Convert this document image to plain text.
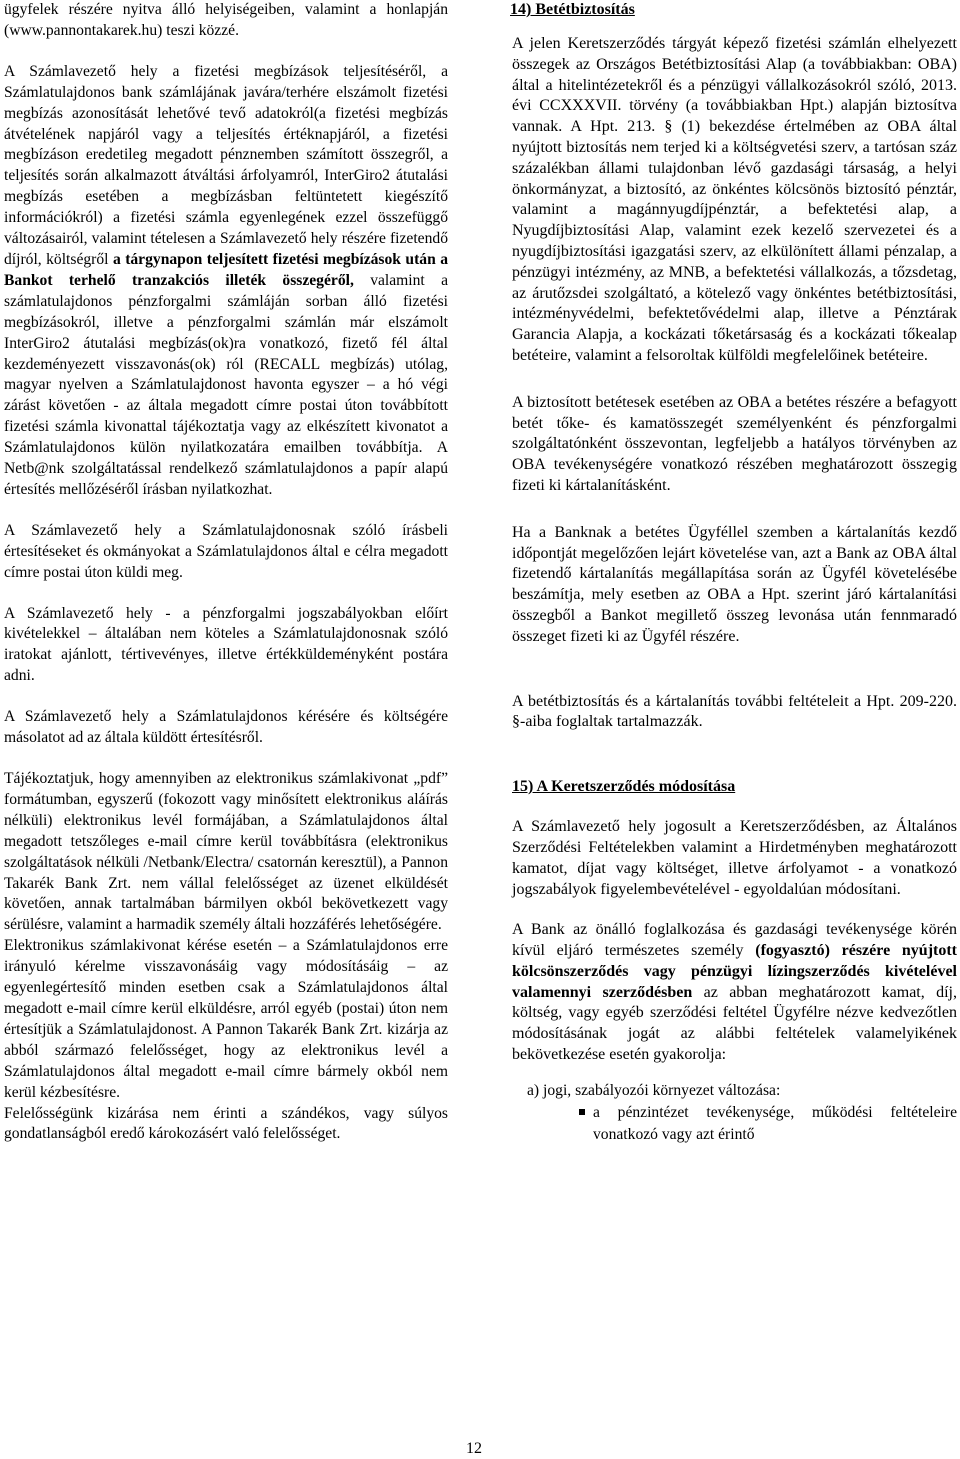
ügyfelek részére nyitva álló helyiségeiben, valamint a honlapján (www.pannontakarek.hu) teszi közzé.

A Számlavezető hely a fizetési megbízások teljesítéséről, a Számlatulajdonos bank számlájának javára/terhére elszámolt fizetési megbízás azonosítását lehetővé tevő adatokról(a fizetési megbízás átvételének napjáról vagy a teljesítés értéknapjáról, a fizetési megbízáson eredetileg megadott pénznemben számított összegről, a teljesítés során alkalmazott átváltási árfolyamról, InterGiro2 átutalási megbízás esetében a megbízásban feltüntetett kiegészítő információkról) a fizetési számla egyenlegének ezzel összefüggő változásairól, valamint tételesen a Számlavezető hely részére fizetendő díjról, költségről a tárgynapon teljesített fizetési megbízások után a Bankot terhelő tranzakciós illeték összegéről, valamint a számlatulajdonos pénzforgalmi számláján sorban álló fizetési megbízásokról, illetve a pénzforgalmi számlán már elszámolt InterGiro2 átutalási megbízás(ok)ra vonatkozó, fizető fél által kezdeményezett visszavonás(ok) ról (RECALL megbízás) utólag, magyar nyelven a Számlatulajdonost havonta egyszer – a hó végi zárást követően - az általa megadott címre postai úton továbbított fizetési számla kivonattal tájékoztatja vagy az elkészített kivonatot a Számlatulajdonos külön nyilatkozatára emailben továbbítja. A Netb@nk szolgáltatással rendelkező számlatulajdonos a papír alapú értesítés mellőzéséről írásban nyilatkozhat.

A Számlavezető hely a Számlatulajdonosnak szóló írásbeli értesítéseket és okmányokat a Számlatulajdonos által e célra megadott címre postai úton küldi meg.

A Számlavezető hely - a pénzforgalmi jogszabályokban előírt kivételekkel – általában nem köteles a Számlatulajdonosnak szóló iratokat ajánlott, tértivevényes, illetve értékküldeményként postára adni.

A Számlavezető hely a Számlatulajdonos kérésére és költségére másolatot ad az általa küldött értesítésről.

Tájékoztatjuk, hogy amennyiben az elektronikus számlakivonat „pdf” formátumban, egyszerű (fokozott vagy minősített elektronikus aláírás nélküli) elektronikus levél formájában, a Számlatulajdonos által megadott tetszőleges e-mail címre kerül továbbításra (elektronikus szolgáltatások nélküli /Netbank/Electra/ csatornán keresztül), a Pannon Takarék Bank Zrt. nem vállal felelősséget az üzenet elküldését követően, annak tartalmában bármilyen okból bekövetkezett vagy sérülésre, valamint a harmadik személy általi hozzáférés lehetőségére.

Elektronikus számlakivonat kérése esetén – a Számlatulajdonos erre irányuló kérelme visszavonásáig vagy módosításáig – az egyenlegértesítő minden esetben csak a Számlatulajdonos által megadott e-mail címre kerül elküldésre, arról egyéb (postai) úton nem értesítjük a Számlatulajdonost. A Pannon Takarék Bank Zrt. kizárja az abból származó felelősséget, hogy az elektronikus levél a Számlatulajdonos által megadott e-mail címre bármely okból nem kerül kézbesítésre.

Felelősségünk kizárása nem érinti a szándékos, vagy súlyos gondatlanságból eredő károkozásért való felelősséget.

14) Betétbiztosítás

A jelen Keretszerződés tárgyát képező fizetési számlán elhelyezett összegek az Országos Betétbiztosítási Alap (a továbbiakban: OBA) által a hitelintézetekről és a pénzügyi vállalkozásokról szóló, 2013. évi CCXXXVII. törvény (a továbbiakban Hpt.) alapján biztosítva vannak. A Hpt. 213. § (1) bekezdése értelmében az OBA által nyújtott biztosítás nem terjed ki a költségvetési szerv, a tartósan száz százalékban állami tulajdonban lévő gazdasági társaság, a helyi önkormányzat, a biztosító, az önkéntes kölcsönös biztosító pénztár, valamint a magánnyugdíjpénztár, a befektetési alap, a Nyugdíjbiztosítási Alap, valamint ezek kezelő szervezetei és a nyugdíjbiztosítási igazgatási szerv, az elkülönített állami pénzalap, a pénzügyi intézmény, az MNB, a befektetési vállalkozás, a tőzsdetag, az árutőzsdei szolgáltató, a kötelező vagy önkéntes betétbiztosítási, intézményvédelmi, befektetővédelmi alap, illetve a Pénztárak Garancia Alapja, a kockázati tőketársaság és a kockázati tőkealap betéteire, valamint a felsoroltak külföldi megfelelőinek betéteire.

A biztosított betétesek esetében az OBA a betétes részére a befagyott betét tőke- és kamatösszegét személyenként és pénzforgalmi szolgáltatónként összevontan, legfeljebb a hatályos törvényben az OBA tevékenységére vonatkozó részében meghatározott összegig fizeti ki kártalanításként.

Ha a Banknak a betétes Ügyféllel szemben a kártalanítás kezdő időpontját megelőzően lejárt követelése van, azt a Bank az OBA által fizetendő kártalanítás megállapítása során az Ügyfél követelésébe beszámítja, mely esetben az OBA a Hpt. szerint járó kártalanítási összegből a Bankot megillető összeg levonása után fennmaradó összeget fizeti ki az Ügyfél részére.

A betétbiztosítás és a kártalanítás további feltételeit a Hpt. 209-220. §-aiba foglaltak tartalmazzák.

15) A Keretszerződés módosítása

A Számlavezető hely jogosult a Keretszerződésben, az Általános Szerződési Feltételekben valamint a Hirdetményben meghatározott kamatot, díjat vagy költséget, illetve árfolyamot - a vonatkozó jogszabályok figyelembevételével - egyoldalúan módosítani.

A Bank az önálló foglalkozása és gazdasági tevékenysége körén kívül eljáró természetes személy (fogyasztó) részére nyújtott kölcsönszerződés vagy pénzügyi lízingszerződés kivételével valamennyi szerződésben az abban meghatározott kamat, díj, költség, vagy egyéb szerződési feltétel Ügyfélre nézve kedvezőtlen módosításának jogát az alábbi feltételek valamelyikének bekövetkezése esetén gyakorolja:

a) jogi, szabályozói környezet változása:

a pénzintézet tevékenysége, működési feltételeire vonatkozó vagy azt érintő

12
